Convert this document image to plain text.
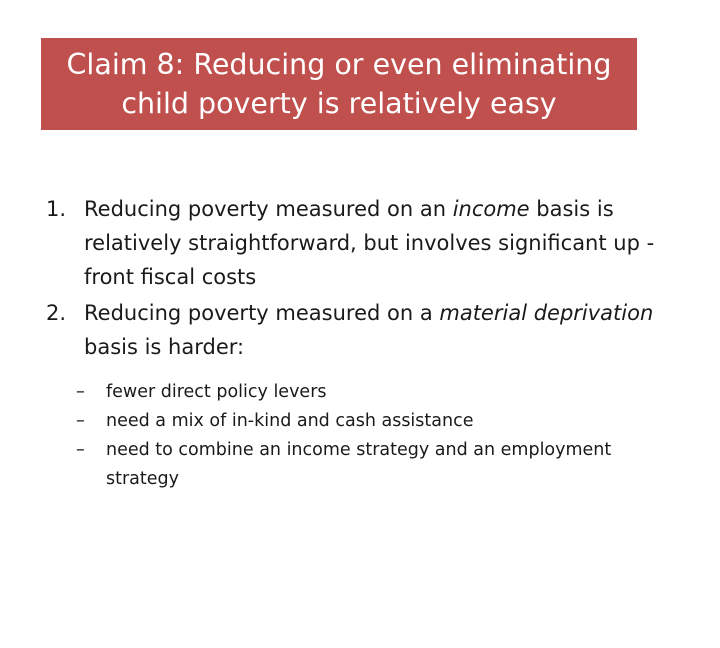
Claim 8: Reducing or even eliminating
child poverty is relatively easy
1. Reducing poverty measured on an income basis is relatively straightforward, but involves significant up -front fiscal costs
2. Reducing poverty measured on a material deprivation basis is harder:
– fewer direct policy levers
– need a mix of in-kind and cash assistance
– need to combine an income strategy and an employment strategy
